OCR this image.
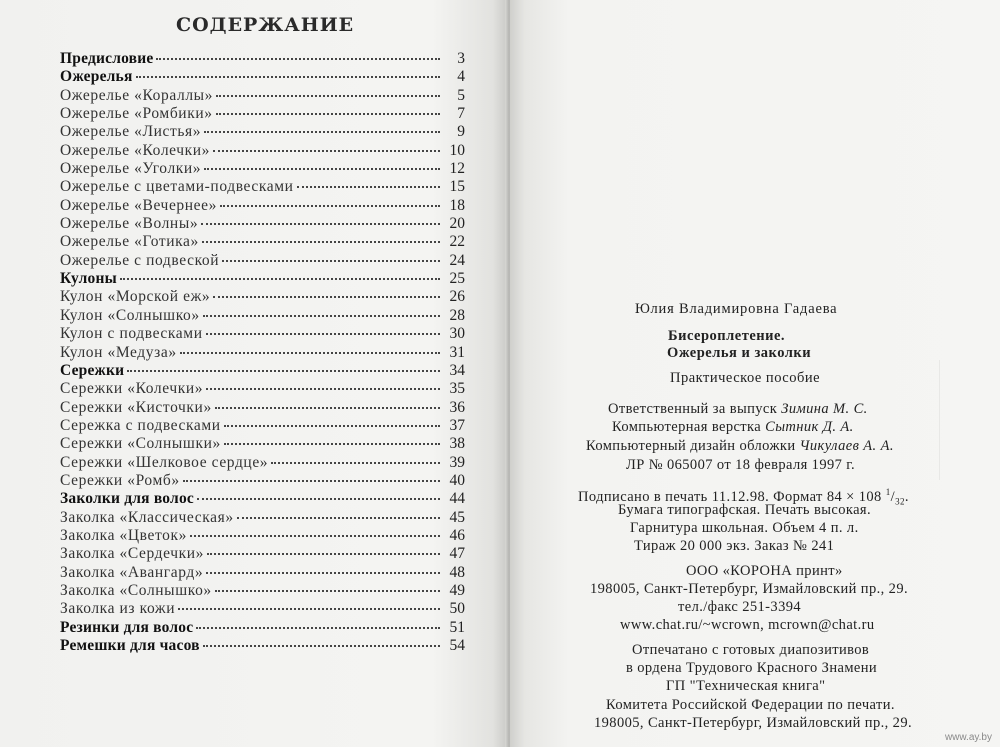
СОДЕРЖАНИЕ
Предисловие	3
Ожерелья	4
Ожерелье «Кораллы»	5
Ожерелье «Ромбики»	7
Ожерелье «Листья»	9
Ожерелье «Колечки»	10
Ожерелье «Уголки»	12
Ожерелье с цветами-подвесками	15
Ожерелье «Вечернее»	18
Ожерелье «Волны»	20
Ожерелье «Готика»	22
Ожерелье с подвеской	24
Кулоны	25
Кулон «Морской еж»	26
Кулон «Солнышко»	28
Кулон с подвесками	30
Кулон «Медуза»	31
Сережки	34
Сережки «Колечки»	35
Сережки «Кисточки»	36
Сережка с подвесками	37
Сережки «Солнышки»	38
Сережки «Шелковое сердце»	39
Сережки «Ромб»	40
Заколки для волос	44
Заколка «Классическая»	45
Заколка «Цветок»	46
Заколка «Сердечки»	47
Заколка «Авангард»	48
Заколка «Солнышко»	49
Заколка из кожи	50
Резинки для волос	51
Ремешки для часов	54
Юлия Владимировна Гадаева
Бисероплетение.
Ожерелья и заколки
Практическое пособие
Ответственный за выпуск Зимина М. С.
Компьютерная верстка Сытник Д. А.
Компьютерный дизайн обложки Чикулаев А. А.
ЛР № 065007 от 18 февраля 1997 г.
Подписано в печать 11.12.98. Формат 84 × 108 $^1/_{32}$.
Бумага типографская. Печать высокая.
Гарнитура школьная. Объем 4 п. л.
Тираж 20 000 экз. Заказ № 241
ООО «КОРОНА принт»
198005, Санкт-Петербург, Измайловский пр., 29.
тел./факс 251-3394
www.chat.ru/~wcrown, mcrown@chat.ru
Отпечатано с готовых диапозитивов
в ордена Трудового Красного Знамени
ГП "Техническая книга"
Комитета Российской Федерации по печати.
198005, Санкт-Петербург, Измайловский пр., 29.
www.ay.by
